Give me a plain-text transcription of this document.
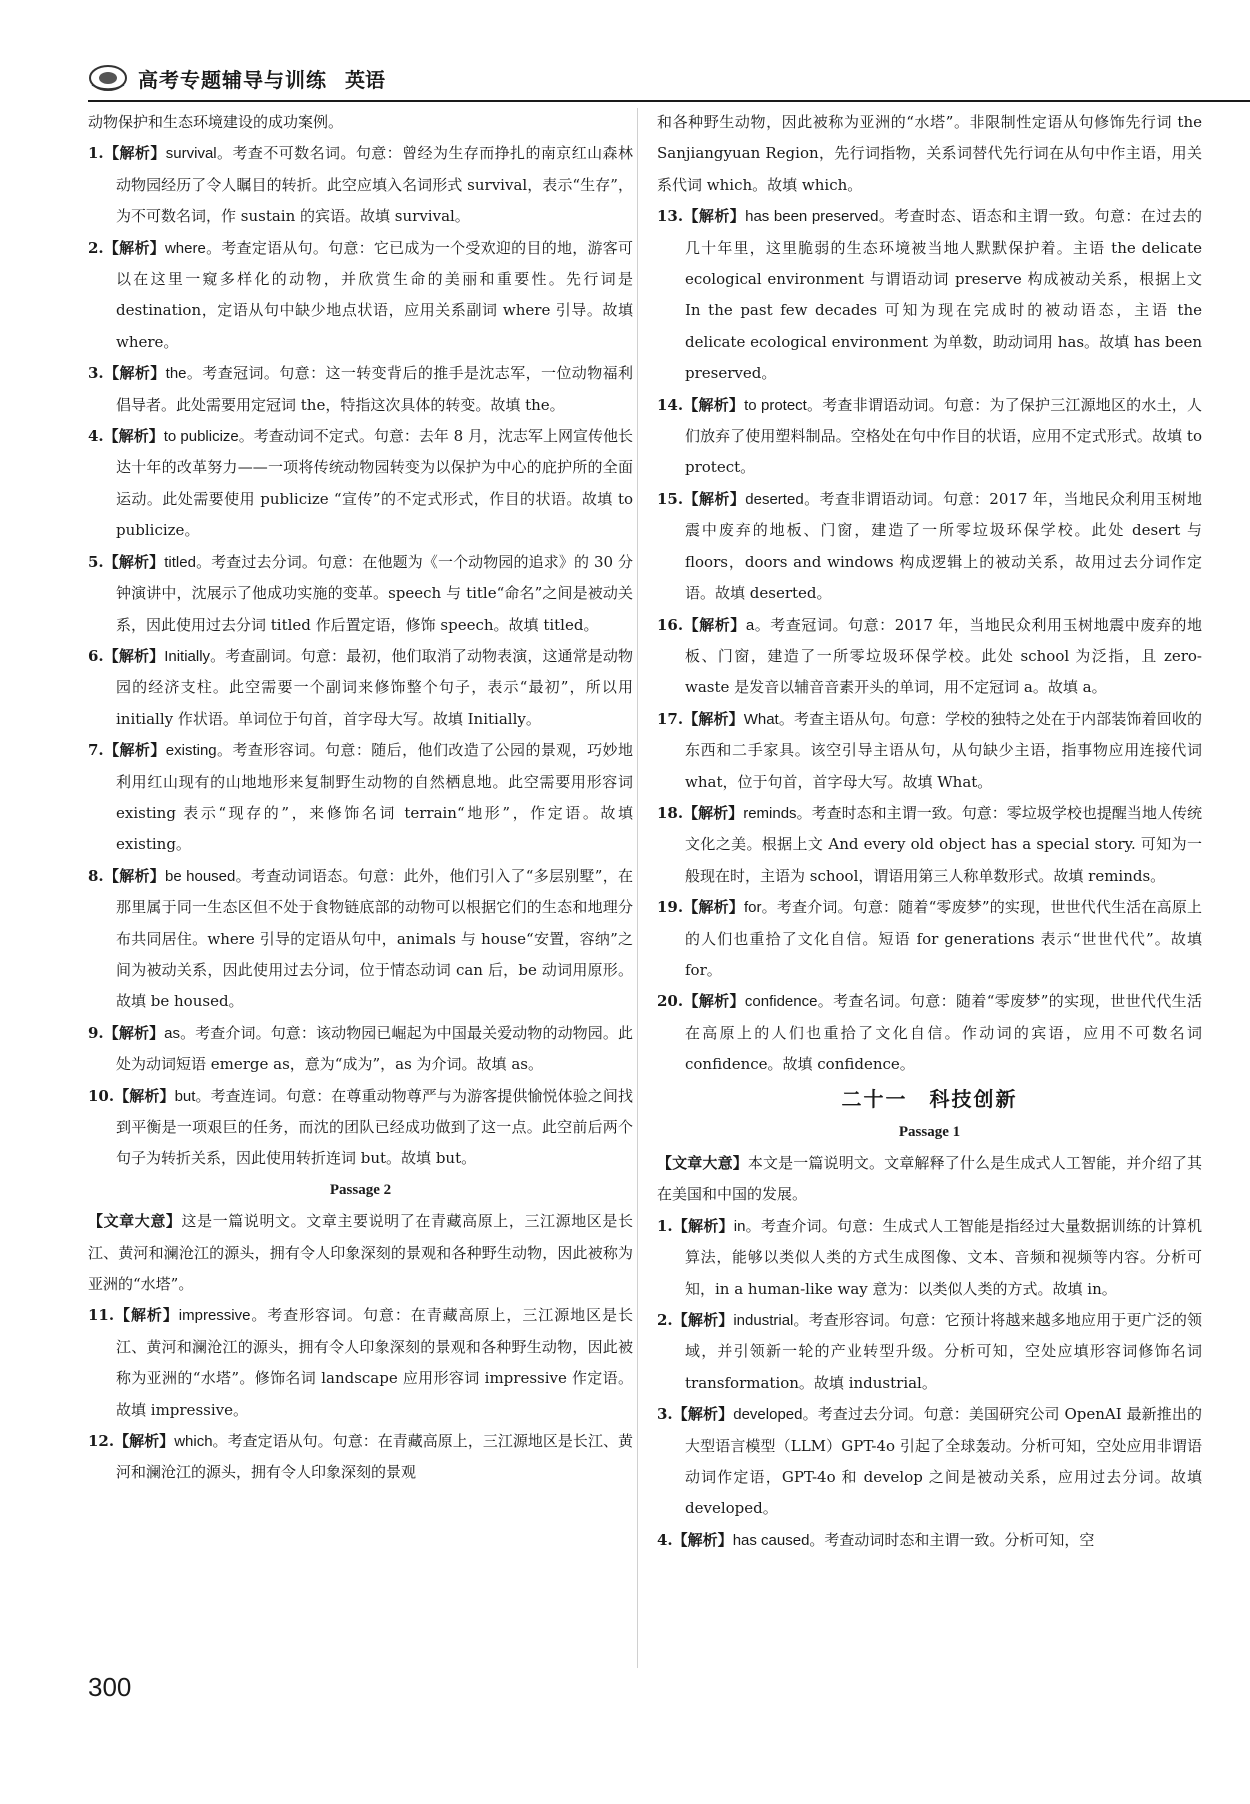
高考专题辅导与训练 英语

动物保护和生态环境建设的成功案例。

1.【解析】survival。考查不可数名词。句意：曾经为生存而挣扎的南京红山森林动物园经历了令人瞩目的转折。此空应填入名词形式 survival，表示“生存”，为不可数名词，作 sustain 的宾语。故填 survival。

2.【解析】where。考查定语从句。句意：它已成为一个受欢迎的目的地，游客可以在这里一窥多样化的动物，并欣赏生命的美丽和重要性。先行词是 destination，定语从句中缺少地点状语，应用关系副词 where 引导。故填 where。

3.【解析】the。考查冠词。句意：这一转变背后的推手是沈志军，一位动物福利倡导者。此处需要用定冠词 the，特指这次具体的转变。故填 the。

4.【解析】to publicize。考查动词不定式。句意：去年 8 月，沈志军上网宣传他长达十年的改革努力——一项将传统动物园转变为以保护为中心的庇护所的全面运动。此处需要使用 publicize “宣传”的不定式形式，作目的状语。故填 to publicize。

5.【解析】titled。考查过去分词。句意：在他题为《一个动物园的追求》的 30 分钟演讲中，沈展示了他成功实施的变革。speech 与 title“命名”之间是被动关系，因此使用过去分词 titled 作后置定语，修饰 speech。故填 titled。

6.【解析】Initially。考查副词。句意：最初，他们取消了动物表演，这通常是动物园的经济支柱。此空需要一个副词来修饰整个句子，表示“最初”，所以用 initially 作状语。单词位于句首，首字母大写。故填 Initially。

7.【解析】existing。考查形容词。句意：随后，他们改造了公园的景观，巧妙地利用红山现有的山地地形来复制野生动物的自然栖息地。此空需要用形容词 existing 表示“现存的”，来修饰名词 terrain“地形”，作定语。故填 existing。

8.【解析】be housed。考查动词语态。句意：此外，他们引入了“多层别墅”，在那里属于同一生态区但不处于食物链底部的动物可以根据它们的生态和地理分布共同居住。where 引导的定语从句中，animals 与 house“安置，容纳”之间为被动关系，因此使用过去分词，位于情态动词 can 后，be 动词用原形。故填 be housed。

9.【解析】as。考查介词。句意：该动物园已崛起为中国最关爱动物的动物园。此处为动词短语 emerge as，意为“成为”，as 为介词。故填 as。

10.【解析】but。考查连词。句意：在尊重动物尊严与为游客提供愉悦体验之间找到平衡是一项艰巨的任务，而沈的团队已经成功做到了这一点。此空前后两个句子为转折关系，因此使用转折连词 but。故填 but。

Passage 2

【文章大意】这是一篇说明文。文章主要说明了在青藏高原上，三江源地区是长江、黄河和澜沧江的源头，拥有令人印象深刻的景观和各种野生动物，因此被称为亚洲的“水塔”。

11.【解析】impressive。考查形容词。句意：在青藏高原上，三江源地区是长江、黄河和澜沧江的源头，拥有令人印象深刻的景观和各种野生动物，因此被称为亚洲的“水塔”。修饰名词 landscape 应用形容词 impressive 作定语。故填 impressive。

12.【解析】which。考查定语从句。句意：在青藏高原上，三江源地区是长江、黄河和澜沧江的源头，拥有令人印象深刻的景观

和各种野生动物，因此被称为亚洲的“水塔”。非限制性定语从句修饰先行词 the Sanjiangyuan Region，先行词指物，关系词替代先行词在从句中作主语，用关系代词 which。故填 which。

13.【解析】has been preserved。考查时态、语态和主谓一致。句意：在过去的几十年里，这里脆弱的生态环境被当地人默默保护着。主语 the delicate ecological environment 与谓语动词 preserve 构成被动关系，根据上文 In the past few decades 可知为现在完成时的被动语态，主语 the delicate ecological environment 为单数，助动词用 has。故填 has been preserved。

14.【解析】to protect。考查非谓语动词。句意：为了保护三江源地区的水土，人们放弃了使用塑料制品。空格处在句中作目的状语，应用不定式形式。故填 to protect。

15.【解析】deserted。考查非谓语动词。句意：2017 年，当地民众利用玉树地震中废弃的地板、门窗，建造了一所零垃圾环保学校。此处 desert 与 floors，doors and windows 构成逻辑上的被动关系，故用过去分词作定语。故填 deserted。

16.【解析】a。考查冠词。句意：2017 年，当地民众利用玉树地震中废弃的地板、门窗，建造了一所零垃圾环保学校。此处 school 为泛指，且 zero-waste 是发音以辅音音素开头的单词，用不定冠词 a。故填 a。

17.【解析】What。考查主语从句。句意：学校的独特之处在于内部装饰着回收的东西和二手家具。该空引导主语从句，从句缺少主语，指事物应用连接代词 what，位于句首，首字母大写。故填 What。

18.【解析】reminds。考查时态和主谓一致。句意：零垃圾学校也提醒当地人传统文化之美。根据上文 And every old object has a special story. 可知为一般现在时，主语为 school，谓语用第三人称单数形式。故填 reminds。

19.【解析】for。考查介词。句意：随着“零废梦”的实现，世世代代生活在高原上的人们也重拾了文化自信。短语 for generations 表示“世世代代”。故填 for。

20.【解析】confidence。考查名词。句意：随着“零废梦”的实现，世世代代生活在高原上的人们也重拾了文化自信。作动词的宾语，应用不可数名词 confidence。故填 confidence。

二十一　科技创新

Passage 1

【文章大意】本文是一篇说明文。文章解释了什么是生成式人工智能，并介绍了其在美国和中国的发展。

1.【解析】in。考查介词。句意：生成式人工智能是指经过大量数据训练的计算机算法，能够以类似人类的方式生成图像、文本、音频和视频等内容。分析可知，in a human-like way 意为：以类似人类的方式。故填 in。

2.【解析】industrial。考查形容词。句意：它预计将越来越多地应用于更广泛的领域，并引领新一轮的产业转型升级。分析可知，空处应填形容词修饰名词 transformation。故填 industrial。

3.【解析】developed。考查过去分词。句意：美国研究公司 OpenAI 最新推出的大型语言模型（LLM）GPT-4o 引起了全球轰动。分析可知，空处应用非谓语动词作定语，GPT-4o 和 develop 之间是被动关系，应用过去分词。故填 developed。

4.【解析】has caused。考查动词时态和主谓一致。分析可知，空

300
